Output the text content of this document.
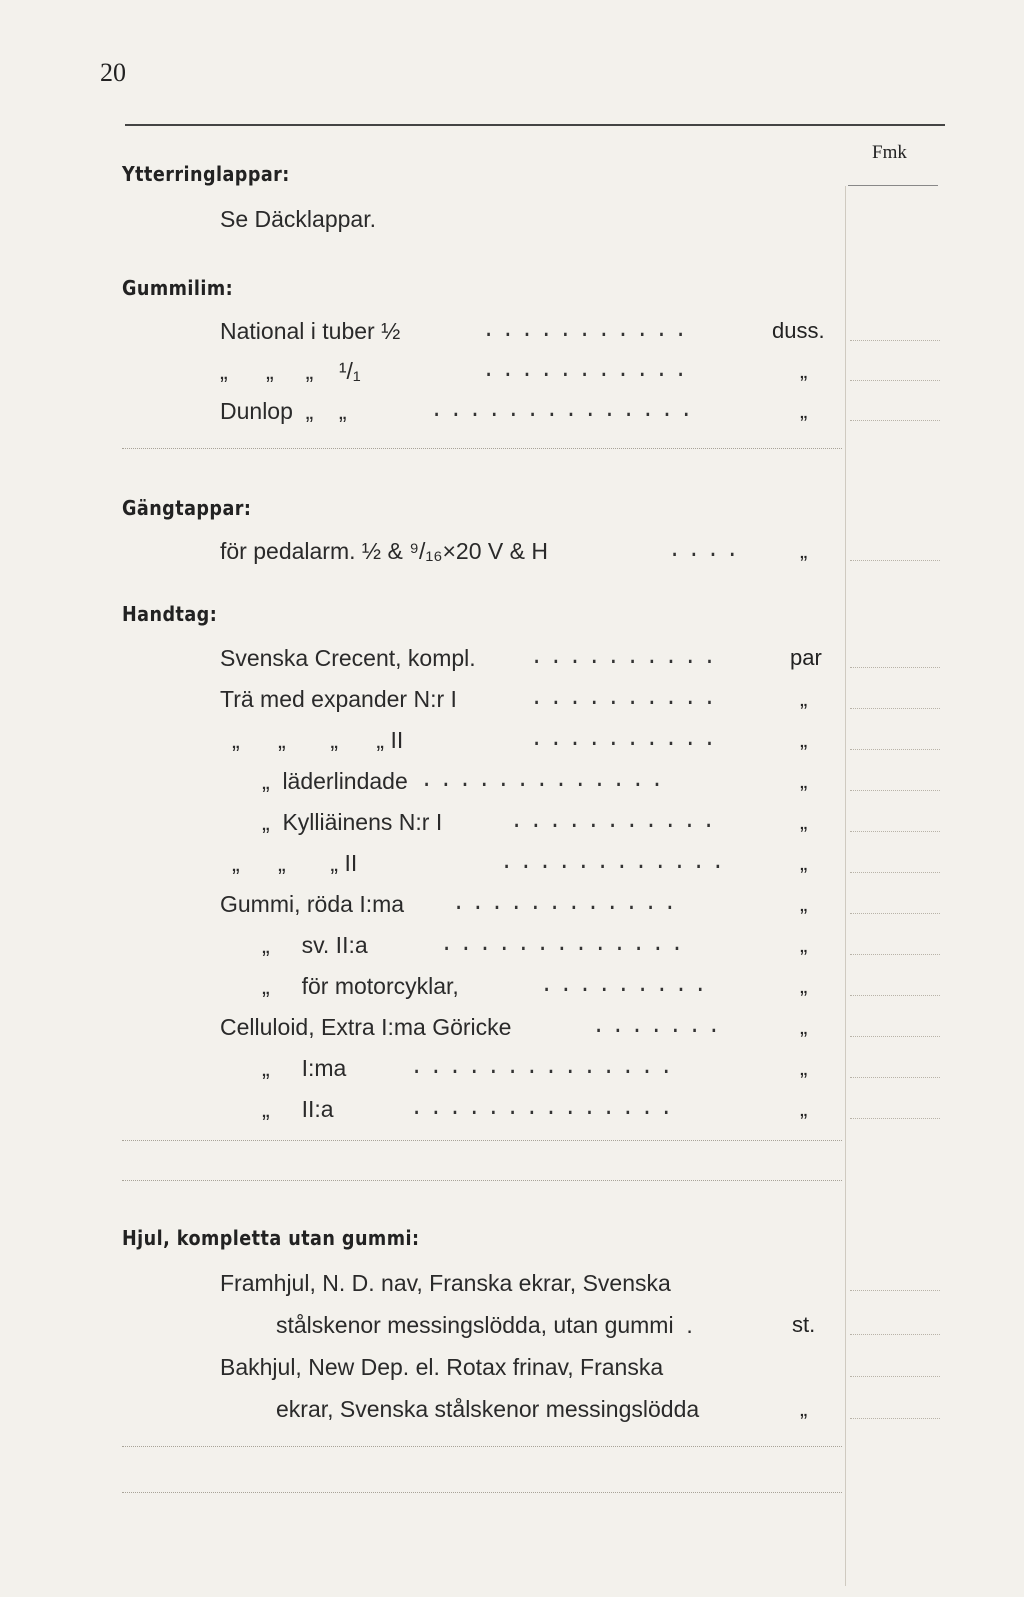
20
Fmk
Ytterringlappar:
Se Däcklappar.
Gummilim:
National i tuber ½	...........	duss.
„      „     „    ¹/₁	...........	„
Dunlop  „    „	..............	„
Gängtappar:
för pedalarm. ½ & ⁹/₁₆×20 V & H	....	„
Handtag:
Svenska Crecent, kompl. ..........	par
Trä med expander N:r I	..........	„
„      „       „      „ II	..........	„
„  läderlindade .............	„
„  Kylliäinens N:r I	...........	„
„      „       „ II	............	„
Gummi, röda I:ma ............	„
„     sv. II:a	.............	„
„     för motorcyklar,	.........	„
Celluloid, Extra I:ma Göricke	.......	„
„     I:ma	..............	„
„     II:a	..............	„
Hjul, kompletta utan gummi:
Framhjul, N. D. nav, Franska ekrar, Svenska
stålskenor messingslödda, utan gummi  .	st.
Bakhjul, New Dep. el. Rotax frinav, Franska
ekrar, Svenska stålskenor messingslödda	„
